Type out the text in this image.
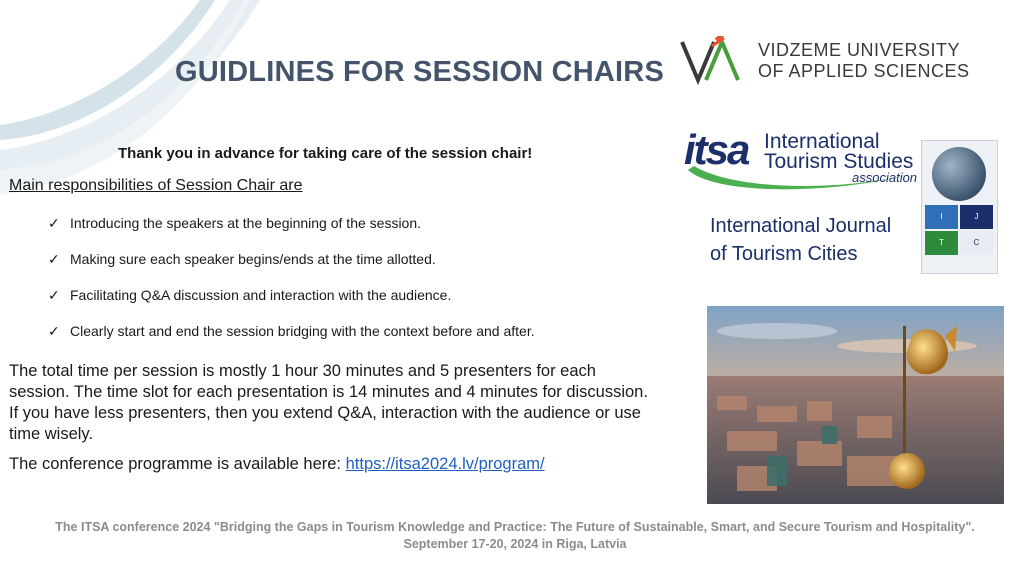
GUIDLINES FOR SESSION CHAIRS
Thank you in advance for taking care of the session chair!
Main responsibilities of Session Chair are
✓ Introducing the speakers at the beginning of the session.
✓ Making sure each speaker begins/ends at the time allotted.
✓ Facilitating Q&A discussion and interaction with the audience.
✓ Clearly start and end the session bridging with the context before and after.
The total time per session is mostly 1 hour 30 minutes and 5 presenters for each session. The time slot for each presentation is 14 minutes and 4 minutes for discussion. If you have less presenters, then you extend Q&A, interaction with the audience or use time wisely.
The conference programme is available here: https://itsa2024.lv/program/
The ITSA conference 2024 "Bridging the Gaps in Tourism Knowledge and Practice: The Future of Sustainable, Smart, and Secure Tourism and Hospitality". September 17-20, 2024 in Riga, Latvia
VIDZEME UNIVERSITY
OF APPLIED SCIENCES
itsa International
Tourism Studies
association
International Journal
of Tourism Cities
I	J
T	C
